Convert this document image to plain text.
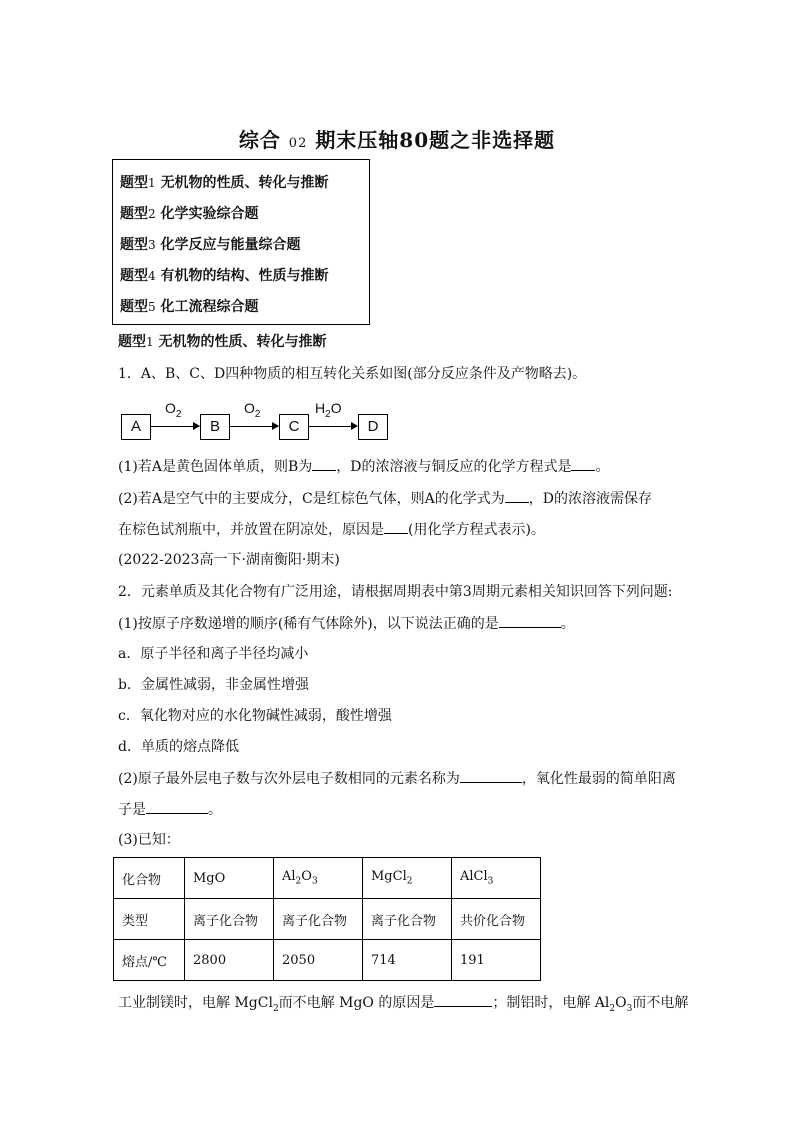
综合 02 期末压轴80题之非选择题
题型1 无机物的性质、转化与推断
题型2 化学实验综合题
题型3 化学反应与能量综合题
题型4 有机物的结构、性质与推断
题型5 化工流程综合题
题型1 无机物的性质、转化与推断
1．A、B、C、D四种物质的相互转化关系如图(部分反应条件及产物略去)。
A
$O_2$
B
$O_2$
C
$H_2O$
D
(1)若A是黄色固体单质，则B为 ，D的浓溶液与铜反应的化学方程式是 。
(2)若A是空气中的主要成分，C是红棕色气体，则A的化学式为 ，D的浓溶液需保存
在棕色试剂瓶中，并放置在阴凉处，原因是 (用化学方程式表示)。
(2022-2023高一下·湖南衡阳·期末)
2．元素单质及其化合物有广泛用途，请根据周期表中第3周期元素相关知识回答下列问题:
(1)按原子序数递增的顺序(稀有气体除外)，以下说法正确的是	。
a．原子半径和离子半径均减小
b．金属性减弱，非金属性增强
c．氧化物对应的水化物碱性减弱，酸性增强
d．单质的熔点降低
(2)原子最外层电子数与次外层电子数相同的元素名称为	，氧化性最弱的简单阳离
子是	。
(3)已知：
化合物	MgO	$Al_2O_3$	MgCl$_2$	AlCl$_3$
类型	离子化合物	离子化合物	离子化合物	共价化合物
熔点/℃	2800	2050	714	191
工业制镁时，电解 MgCl$_2$而不电解 MgO 的原因是	；制铝时，电解 $Al_2O_3$而不电解
